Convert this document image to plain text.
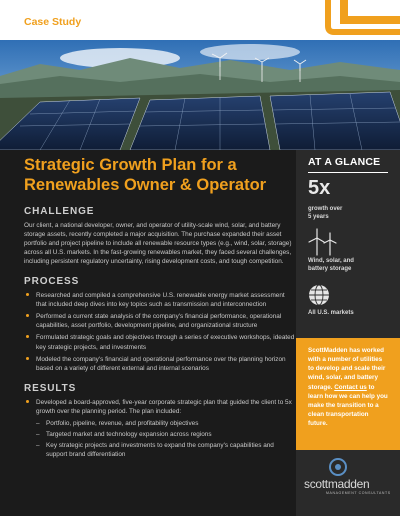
Case Study
Strategic Growth Plan for a Renewables Owner & Operator
CHALLENGE

Our client, a national developer, owner, and operator of utility-scale wind, solar, and battery storage assets, recently completed a major acquisition. The purchase expanded their asset portfolio and project pipeline to include all renewable resource types (e.g., wind, solar, storage) across all U.S. markets. In the fast-growing renewables market, they faced several challenges, including persistent regulatory uncertainty, rising development costs, and tough competition.

PROCESS
Researched and compiled a comprehensive U.S. renewable energy market assessment that included deep dives into key topics such as transmission and interconnection
Performed a current state analysis of the company's financial performance, operational capabilities, asset portfolio, development pipeline, and organizational structure
Formulated strategic goals and objectives through a series of executive workshops, ideated key strategic projects, and investments
Modeled the company's financial and operational performance over the planning horizon based on a variety of different external and internal scenarios
RESULTS
Developed a board-approved, five-year corporate strategic plan that guided the client to 5x growth over the planning period. The plan included:
– Portfolio, pipeline, revenue, and profitability objectives
– Targeted market and technology expansion across regions
– Key strategic projects and investments to expand the company's capabilities and support brand differentiation
AT A GLANCE
5x
growth over
5 years
Wind, solar, and
battery storage
All U.S. markets
ScottMadden has worked with a number of utilities to develop and scale their wind, solar, and battery storage. Contact us to learn how we can help you make the transition to a clean transportation future.
scottmadden
MANAGEMENT CONSULTANTS
